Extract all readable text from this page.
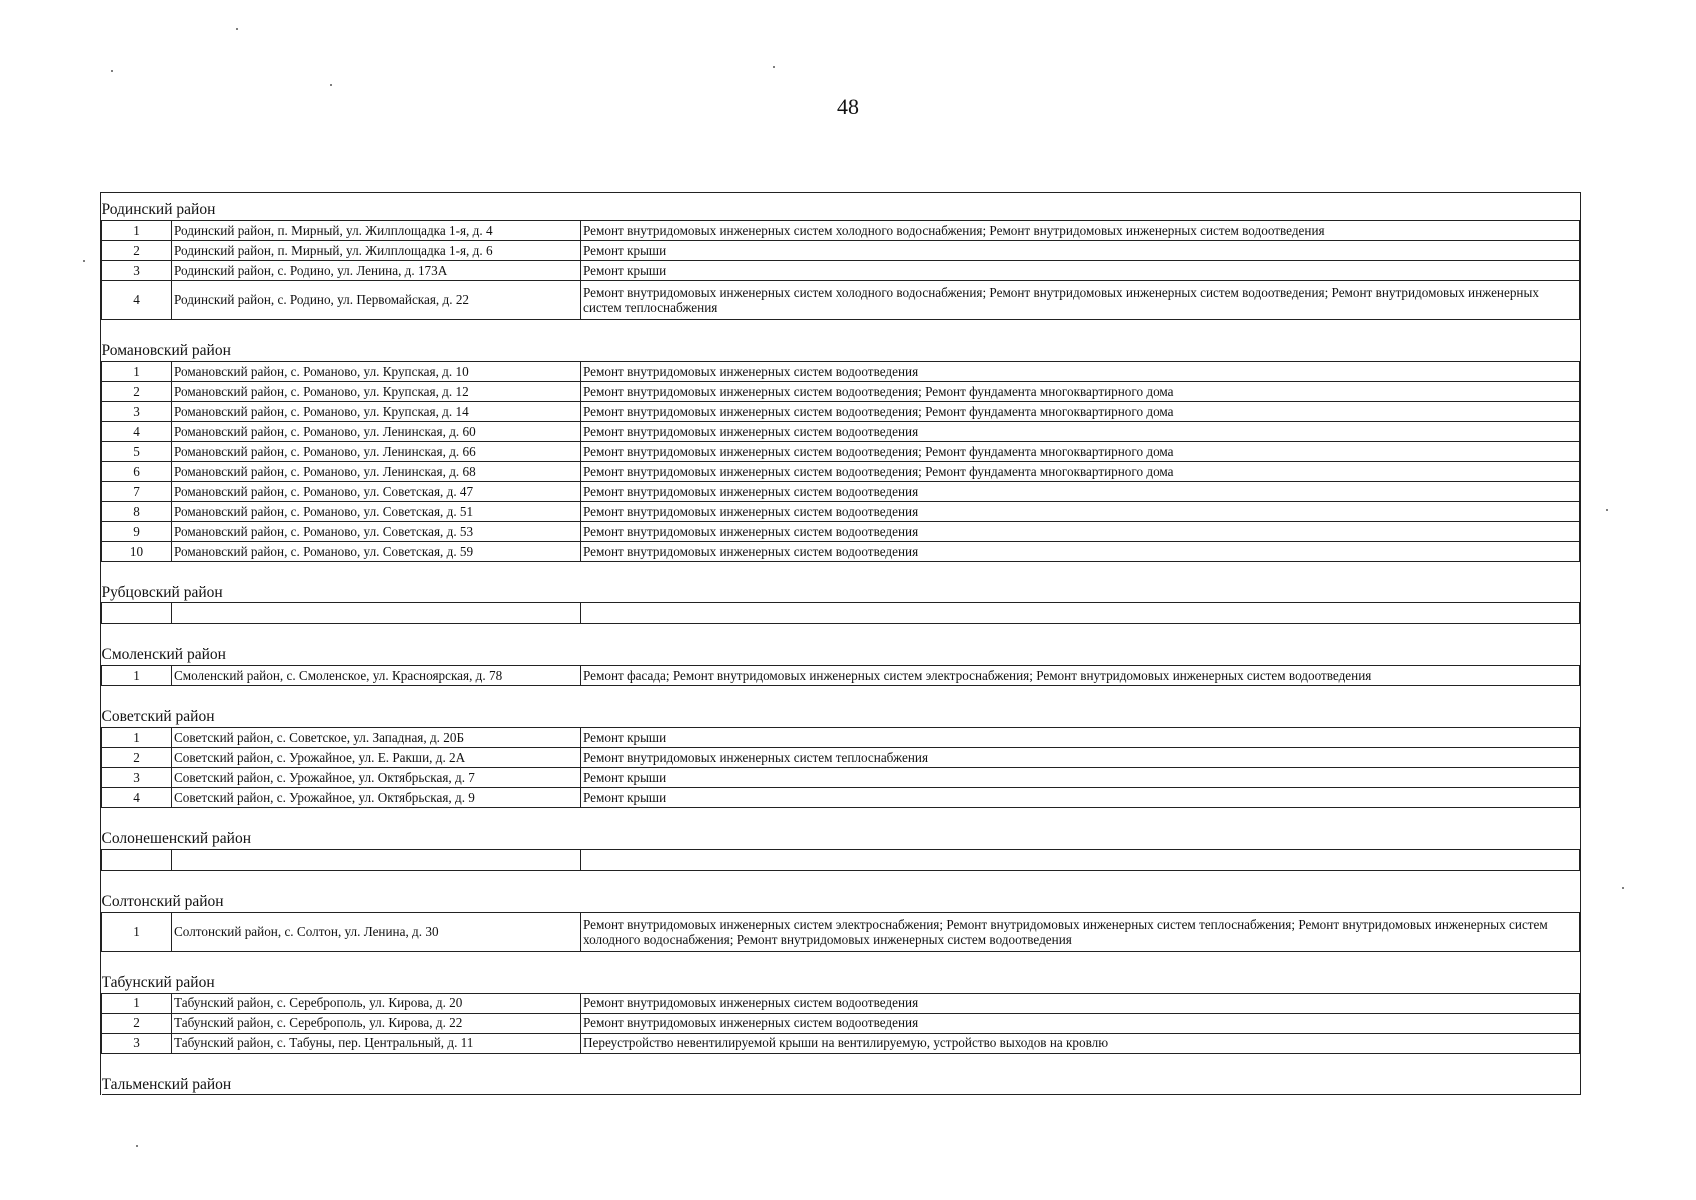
48

Родинский район		
1	Родинский район, п. Мирный, ул. Жилплощадка 1-я, д. 4	Ремонт внутридомовых инженерных систем холодного водоснабжения; Ремонт внутридомовых инженерных систем водоотведения
2	Родинский район, п. Мирный, ул. Жилплощадка 1-я, д. 6	Ремонт крыши
3	Родинский район, с. Родино, ул. Ленина, д. 173А	Ремонт крыши
4	Родинский район, с. Родино, ул. Первомайская, д. 22	Ремонт внутридомовых инженерных систем холодного водоснабжения; Ремонт внутридомовых инженерных систем водоотведения; Ремонт внутридомовых инженерных систем теплоснабжения

Романовский район		
1	Романовский район, с. Романово, ул. Крупская, д. 10	Ремонт внутридомовых инженерных систем водоотведения
2	Романовский район, с. Романово, ул. Крупская, д. 12	Ремонт внутридомовых инженерных систем водоотведения; Ремонт фундамента многоквартирного дома
3	Романовский район, с. Романово, ул. Крупская, д. 14	Ремонт внутридомовых инженерных систем водоотведения; Ремонт фундамента многоквартирного дома
4	Романовский район, с. Романово, ул. Ленинская, д. 60	Ремонт внутридомовых инженерных систем водоотведения
5	Романовский район, с. Романово, ул. Ленинская, д. 66	Ремонт внутридомовых инженерных систем водоотведения; Ремонт фундамента многоквартирного дома
6	Романовский район, с. Романово, ул. Ленинская, д. 68	Ремонт внутридомовых инженерных систем водоотведения; Ремонт фундамента многоквартирного дома
7	Романовский район, с. Романово, ул. Советская, д. 47	Ремонт внутридомовых инженерных систем водоотведения
8	Романовский район, с. Романово, ул. Советская, д. 51	Ремонт внутридомовых инженерных систем водоотведения
9	Романовский район, с. Романово, ул. Советская, д. 53	Ремонт внутридомовых инженерных систем водоотведения
10	Романовский район, с. Романово, ул. Советская, д. 59	Ремонт внутридомовых инженерных систем водоотведения

Рубцовский район		

Смоленский район		
1	Смоленский район, с. Смоленское, ул. Красноярская, д. 78	Ремонт фасада; Ремонт внутридомовых инженерных систем электроснабжения; Ремонт внутридомовых инженерных систем водоотведения

Советский район		
1	Советский район, с. Советское, ул. Западная, д. 20Б	Ремонт крыши
2	Советский район, с. Урожайное, ул. Е. Ракши, д. 2А	Ремонт внутридомовых инженерных систем теплоснабжения
3	Советский район, с. Урожайное, ул. Октябрьская, д. 7	Ремонт крыши
4	Советский район, с. Урожайное, ул. Октябрьская, д. 9	Ремонт крыши

Солонешенский район		

Солтонский район		
1	Солтонский район, с. Солтон, ул. Ленина, д. 30	Ремонт внутридомовых инженерных систем электроснабжения; Ремонт внутридомовых инженерных систем теплоснабжения; Ремонт внутридомовых инженерных систем холодного водоснабжения; Ремонт внутридомовых инженерных систем водоотведения

Табунский район		
1	Табунский район, с. Сереброполь, ул. Кирова, д. 20	Ремонт внутридомовых инженерных систем водоотведения
2	Табунский район, с. Сереброполь, ул. Кирова, д. 22	Ремонт внутридомовых инженерных систем водоотведения
3	Табунский район, с. Табуны, пер. Центральный, д. 11	Переустройство невентилируемой крыши на вентилируемую, устройство выходов на кровлю

Тальменский район		
